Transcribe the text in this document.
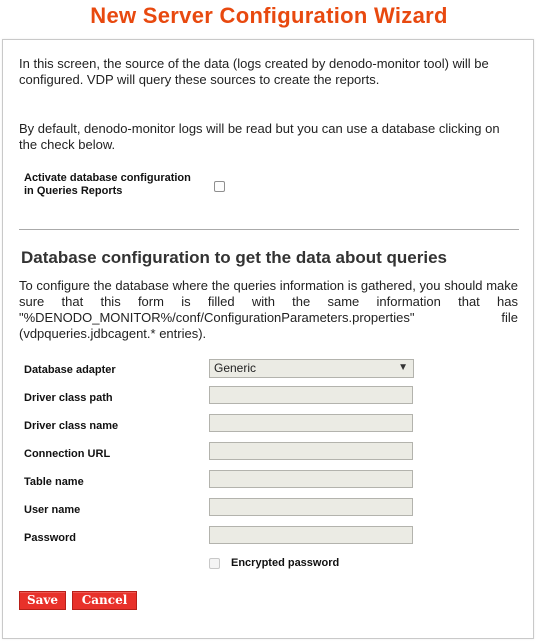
New Server Configuration Wizard
In this screen, the source of the data (logs created by denodo-monitor tool) will be configured. VDP will query these sources to create the reports.
By default, denodo-monitor logs will be read but you can use a database clicking on the check below.
Activate database configuration in Queries Reports
Database configuration to get the data about queries
To configure the database where the queries information is gathered, you should make sure that this form is filled with the same information that has "%DENODO_MONITOR%/conf/ConfigurationParameters.properties" file (vdpqueries.jdbcagent.* entries).
Database adapter	Generic	▼
Driver class path
Driver class name
Connection URL
Table name
User name
Password
Encrypted password
Save	Cancel
